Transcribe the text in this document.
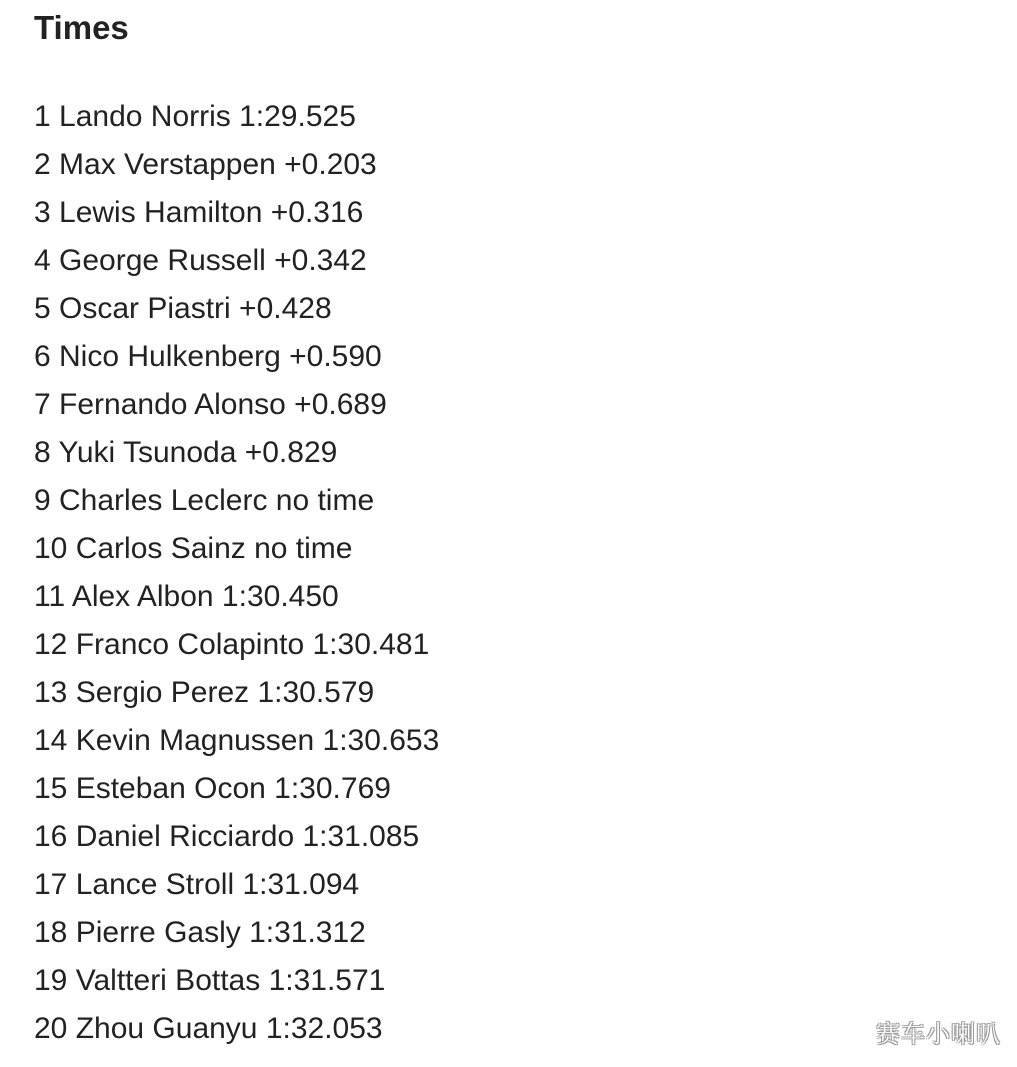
Times
1 Lando Norris 1:29.525
2 Max Verstappen +0.203
3 Lewis Hamilton +0.316
4 George Russell +0.342
5 Oscar Piastri +0.428
6 Nico Hulkenberg +0.590
7 Fernando Alonso +0.689
8 Yuki Tsunoda +0.829
9 Charles Leclerc no time
10 Carlos Sainz no time
11 Alex Albon 1:30.450
12 Franco Colapinto 1:30.481
13 Sergio Perez 1:30.579
14 Kevin Magnussen 1:30.653
15 Esteban Ocon 1:30.769
16 Daniel Ricciardo 1:31.085
17 Lance Stroll 1:31.094
18 Pierre Gasly 1:31.312
19 Valtteri Bottas 1:31.571
20 Zhou Guanyu 1:32.053	赛车小喇叭
